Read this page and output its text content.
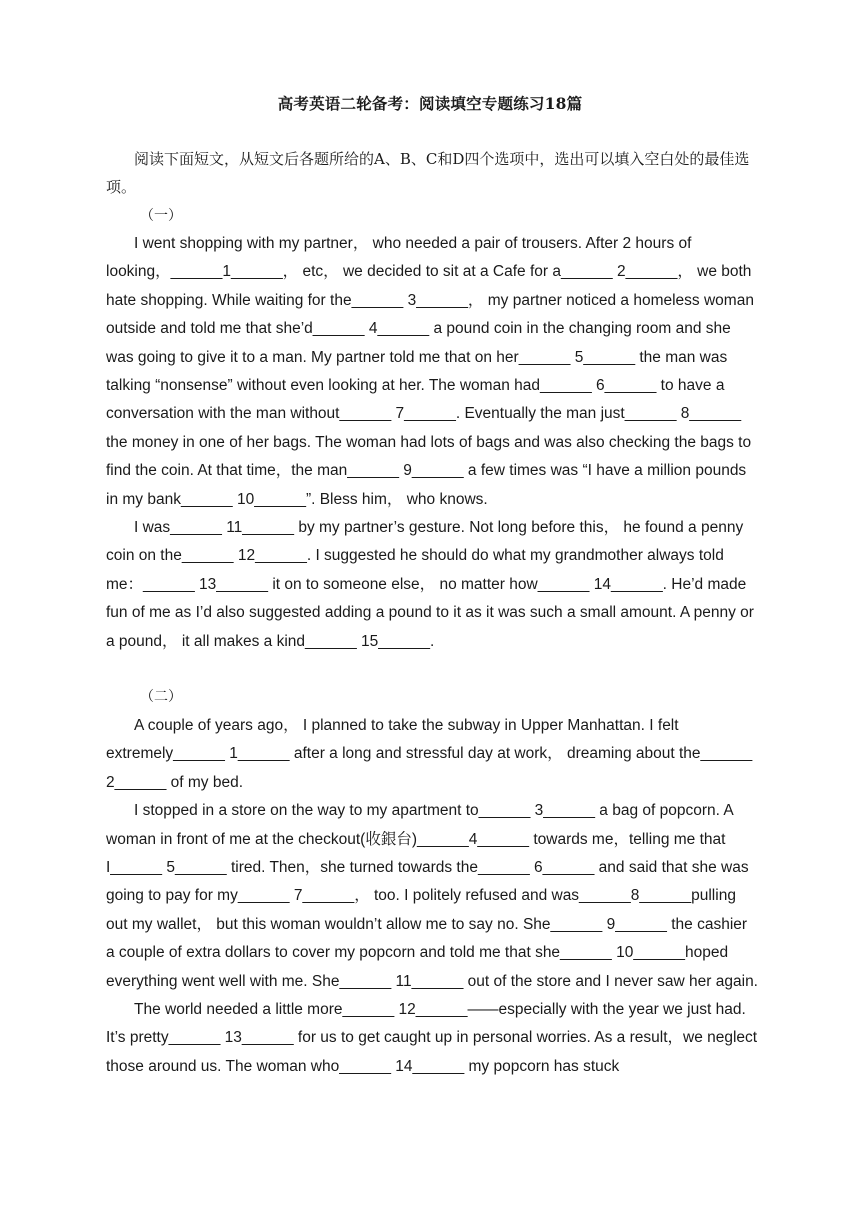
高考英语二轮备考：阅读填空专题练习18篇
阅读下面短文，从短文后各题所给的A、B、C和D四个选项中，选出可以填入空白处的最佳选项。
（一）

I went shopping with my partner， who needed a pair of trousers. After 2 hours of looking，______1______， etc， we decided to sit at a Cafe for a______ 2______， we both hate shopping. While waiting for the______ 3______， my partner noticed a homeless woman outside and told me that she’d______ 4______ a pound coin in the changing room and she was going to give it to a man. My partner told me that on her______ 5______ the man was talking “nonsense” without even looking at her. The woman had______ 6______ to have a conversation with the man without______ 7______. Eventually the man just______ 8______ the money in one of her bags. The woman had lots of bags and was also checking the bags to find the coin. At that time，the man______ 9______ a few times was “I have a million pounds in my bank______ 10______”. Bless him， who knows.

I was______ 11______ by my partner’s gesture. Not long before this， he found a penny coin on the______ 12______. I suggested he should do what my grandmother always told me：______ 13______ it on to someone else， no matter how______ 14______. He’d made fun of me as I’d also suggested adding a pound to it as it was such a small amount. A penny or a pound， it all makes a kind______ 15______.

（二）

A couple of years ago， I planned to take the subway in Upper Manhattan. I felt extremely______ 1______ after a long and stressful day at work， dreaming about the______ 2______ of my bed.

I stopped in a store on the way to my apartment to______ 3______ a bag of popcorn. A woman in front of me at the checkout(收銀台)______4______ towards me，telling me that I______ 5______ tired. Then，she turned towards the______ 6______ and said that she was going to pay for my______ 7______， too. I politely refused and was______8______pulling out my wallet， but this woman wouldn’t allow me to say no. She______ 9______ the cashier a couple of extra dollars to cover my popcorn and told me that she______ 10______hoped everything went well with me. She______ 11______ out of the store and I never saw her again.

The world needed a little more______ 12______——especially with the year we just had. It’s pretty______ 13______ for us to get caught up in personal worries. As a result，we neglect those around us. The woman who______ 14______ my popcorn has stuck
